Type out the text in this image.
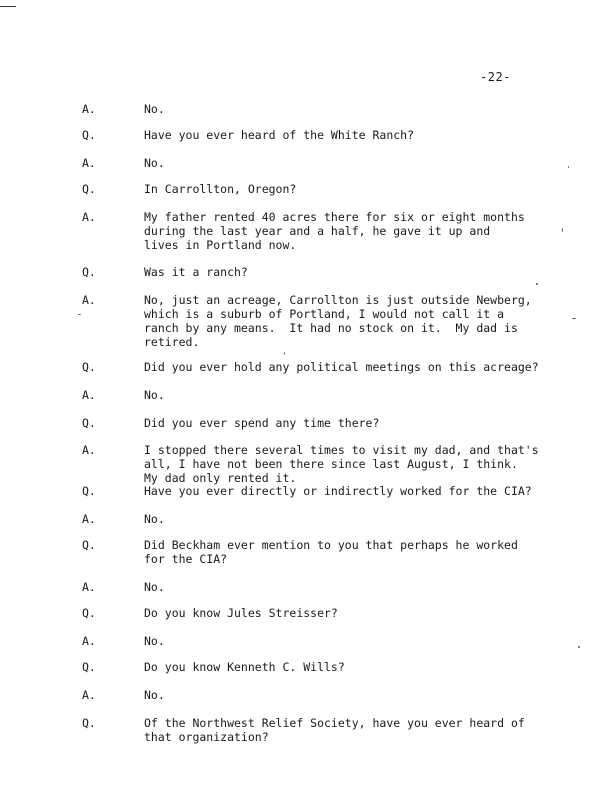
-22-
A.	No.
Q.	Have you ever heard of the White Ranch?
A.	No.
Q.	In Carrollton, Oregon?
A.	My father rented 40 acres there for six or eight months
during the last year and a half, he gave it up and
lives in Portland now.
Q.	Was it a ranch?
A.	No, just an acreage, Carrollton is just outside Newberg,
which is a suburb of Portland, I would not call it a
ranch by any means.  It had no stock on it.  My dad is
retired.
Q.	Did you ever hold any political meetings on this acreage?
A.	No.
Q.	Did you ever spend any time there?
A.	I stopped there several times to visit my dad, and that's
all, I have not been there since last August, I think.
My dad only rented it.
Q.	Have you ever directly or indirectly worked for the CIA?
A.	No.
Q.	Did Beckham ever mention to you that perhaps he worked
for the CIA?
A.	No.
Q.	Do you know Jules Streisser?
A.	No.
Q.	Do you know Kenneth C. Wills?
A.	No.
Q.	Of the Northwest Relief Society, have you ever heard of
that organization?
